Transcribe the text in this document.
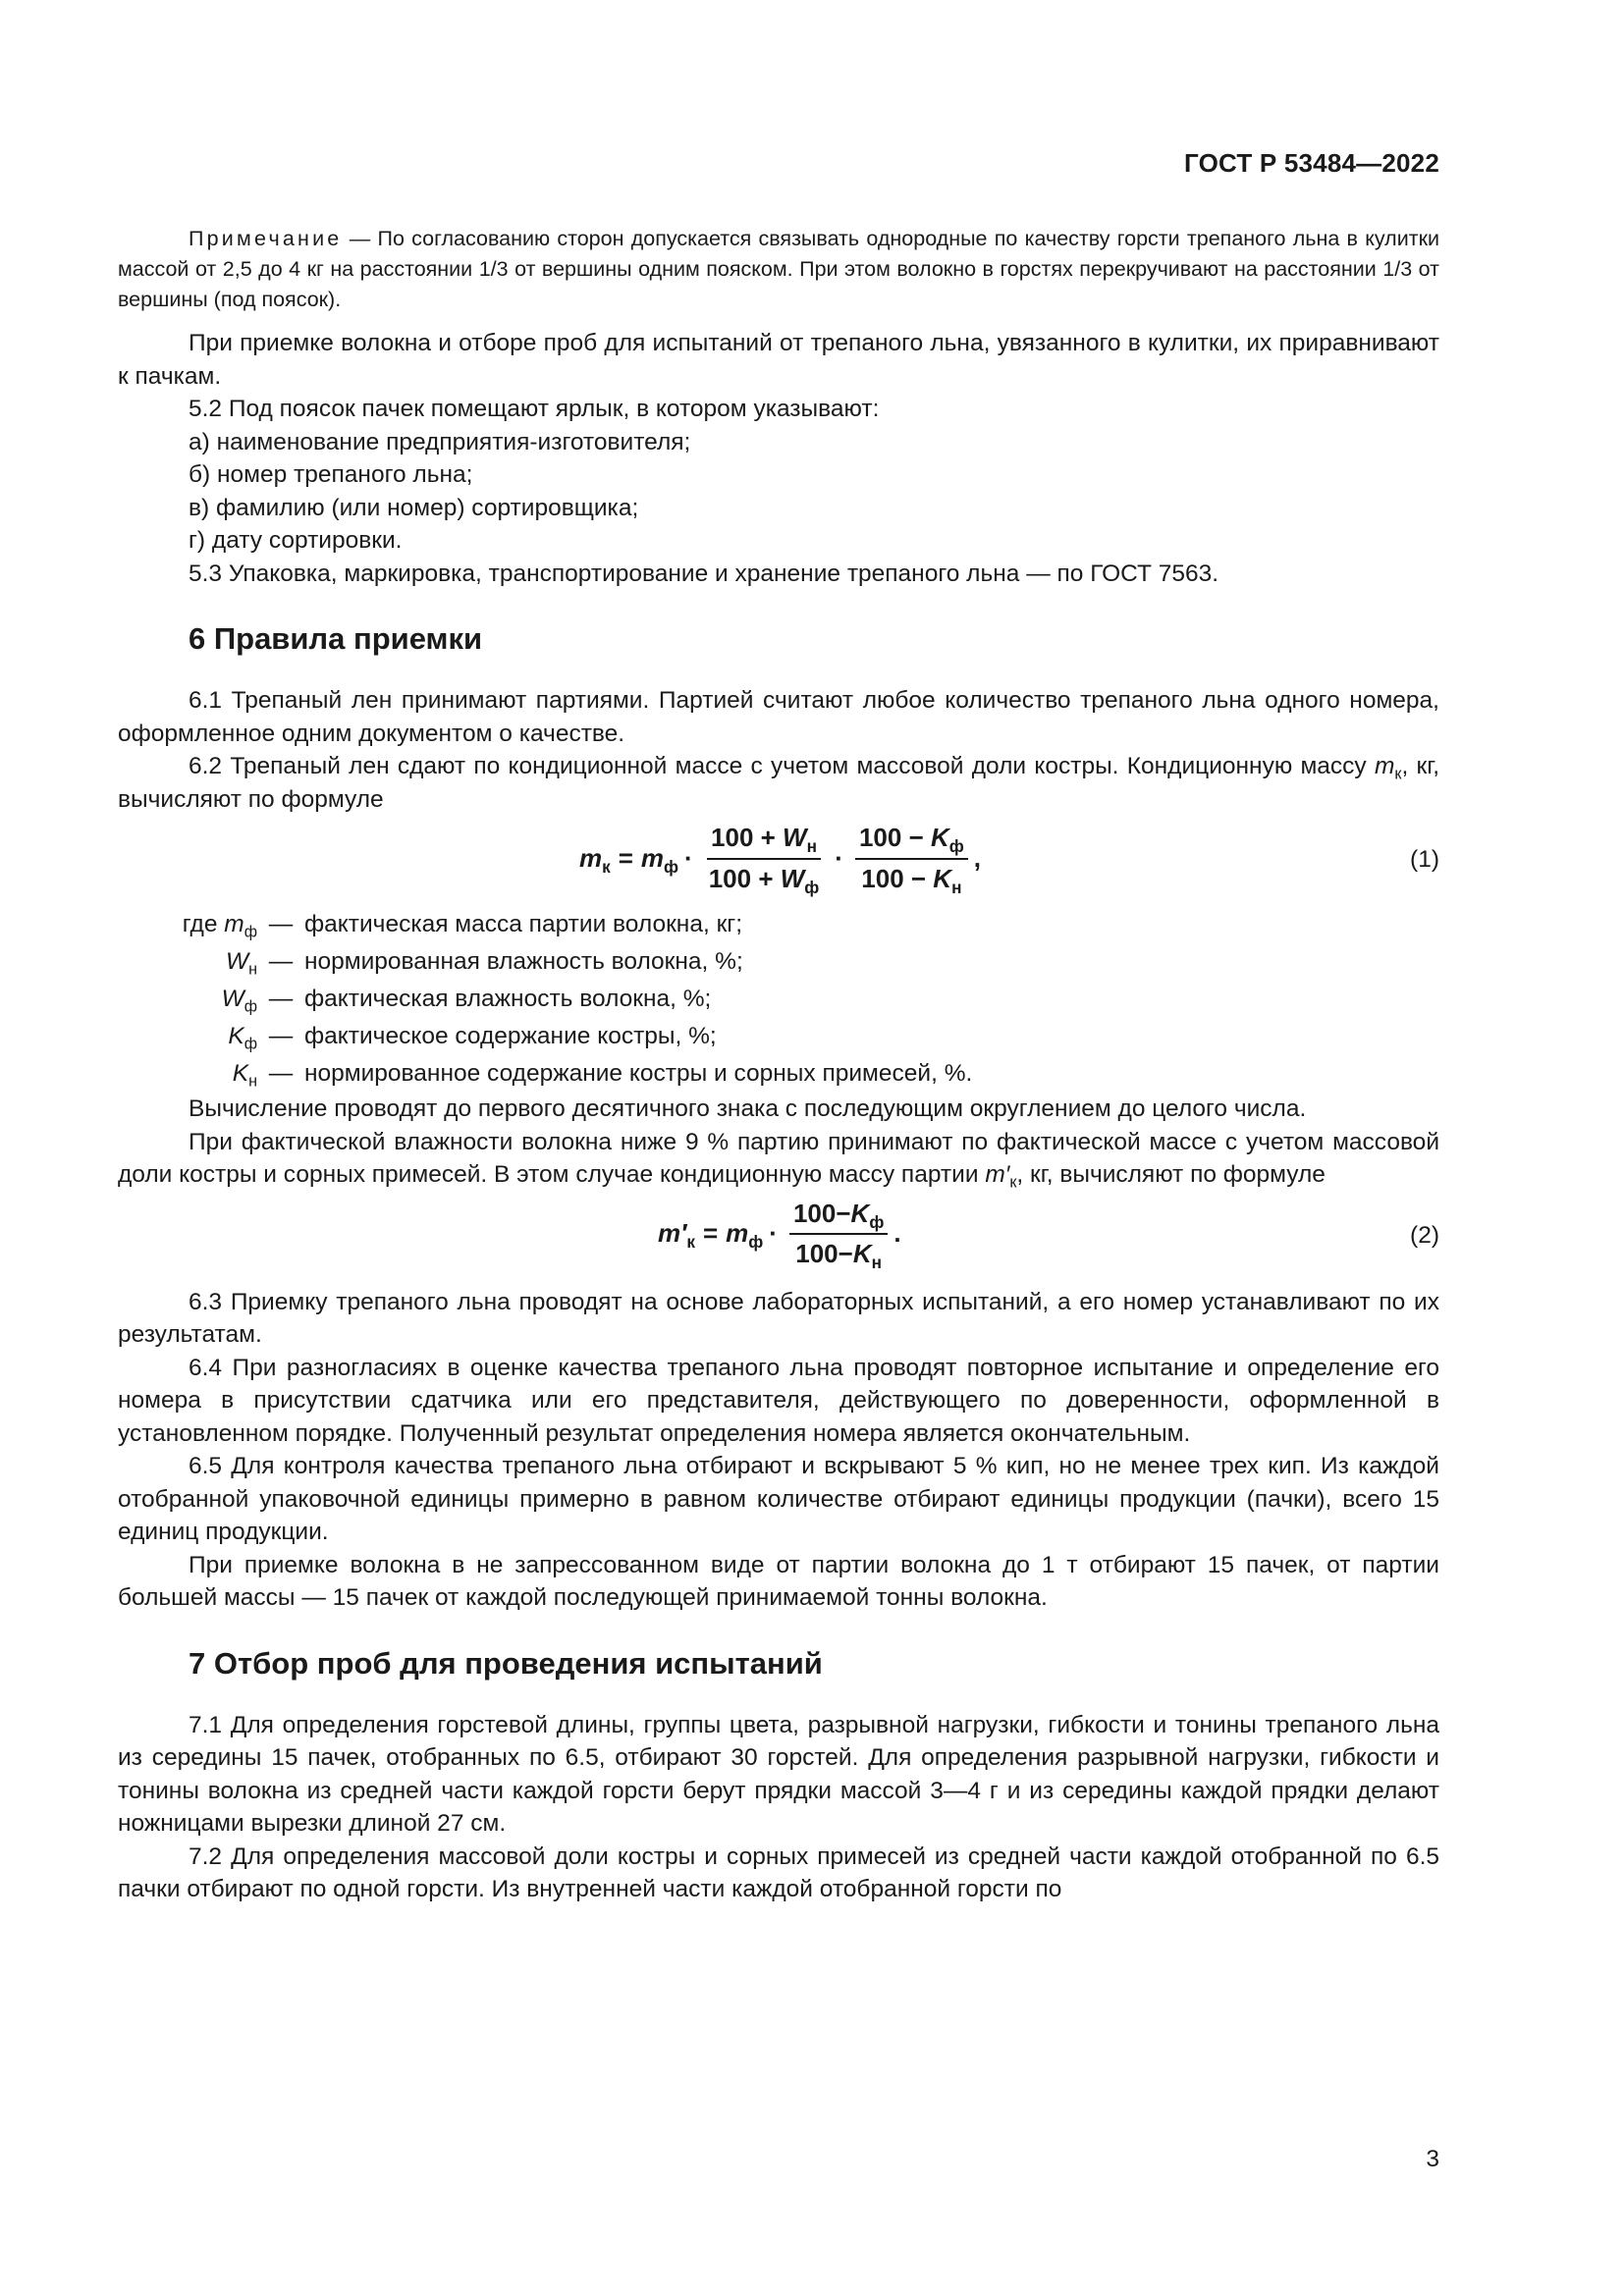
ГОСТ Р 53484—2022

Примечание — По согласованию сторон допускается связывать однородные по качеству горсти трепаного льна в кулитки массой от 2,5 до 4 кг на расстоянии 1/3 от вершины одним пояском. При этом волокно в горстях перекручивают на расстоянии 1/3 от вершины (под поясок).

При приемке волокна и отборе проб для испытаний от трепаного льна, увязанного в кулитки, их приравнивают к пачкам.

5.2 Под поясок пачек помещают ярлык, в котором указывают:

а) наименование предприятия-изготовителя;

б) номер трепаного льна;

в) фамилию (или номер) сортировщика;

г) дату сортировки.

5.3 Упаковка, маркировка, транспортирование и хранение трепаного льна — по ГОСТ 7563.

6 Правила приемки

6.1 Трепаный лен принимают партиями. Партией считают любое количество трепаного льна одного номера, оформленное одним документом о качестве.

6.2 Трепаный лен сдают по кондиционной массе с учетом массовой доли костры. Кондиционную массу $m_к$, кг, вычисляют по формуле

$m_к = m_ф \cdot \frac{100 + W_н}{100 + W_ф} \cdot \frac{100 - K_ф}{100 - K_н}$ ,	(1)
где $m_ф$ — фактическая масса партии волокна, кг;
$W_н$ — нормированная влажность волокна, %;
$W_ф$ — фактическая влажность волокна, %;
$K_ф$ — фактическое содержание костры, %;
$K_н$ — нормированное содержание костры и сорных примесей, %.

Вычисление проводят до первого десятичного знака с последующим округлением до целого числа.

При фактической влажности волокна ниже 9 % партию принимают по фактической массе с учетом массовой доли костры и сорных примесей. В этом случае кондиционную массу партии $m'_к$, кг, вычисляют по формуле

$m'_к = m_ф \cdot \frac{100-K_ф}{100-K_н}$ .	(2)

6.3 Приемку трепаного льна проводят на основе лабораторных испытаний, а его номер устанавливают по их результатам.

6.4 При разногласиях в оценке качества трепаного льна проводят повторное испытание и определение его номера в присутствии сдатчика или его представителя, действующего по доверенности, оформленной в установленном порядке. Полученный результат определения номера является окончательным.

6.5 Для контроля качества трепаного льна отбирают и вскрывают 5 % кип, но не менее трех кип. Из каждой отобранной упаковочной единицы примерно в равном количестве отбирают единицы продукции (пачки), всего 15 единиц продукции.

При приемке волокна в не запрессованном виде от партии волокна до 1 т отбирают 15 пачек, от партии большей массы — 15 пачек от каждой последующей принимаемой тонны волокна.

7 Отбор проб для проведения испытаний

7.1 Для определения горстевой длины, группы цвета, разрывной нагрузки, гибкости и тонины трепаного льна из середины 15 пачек, отобранных по 6.5, отбирают 30 горстей. Для определения разрывной нагрузки, гибкости и тонины волокна из средней части каждой горсти берут прядки массой 3—4 г и из середины каждой прядки делают ножницами вырезки длиной 27 см.

7.2 Для определения массовой доли костры и сорных примесей из средней части каждой отобранной по 6.5 пачки отбирают по одной горсти. Из внутренней части каждой отобранной горсти по

3
